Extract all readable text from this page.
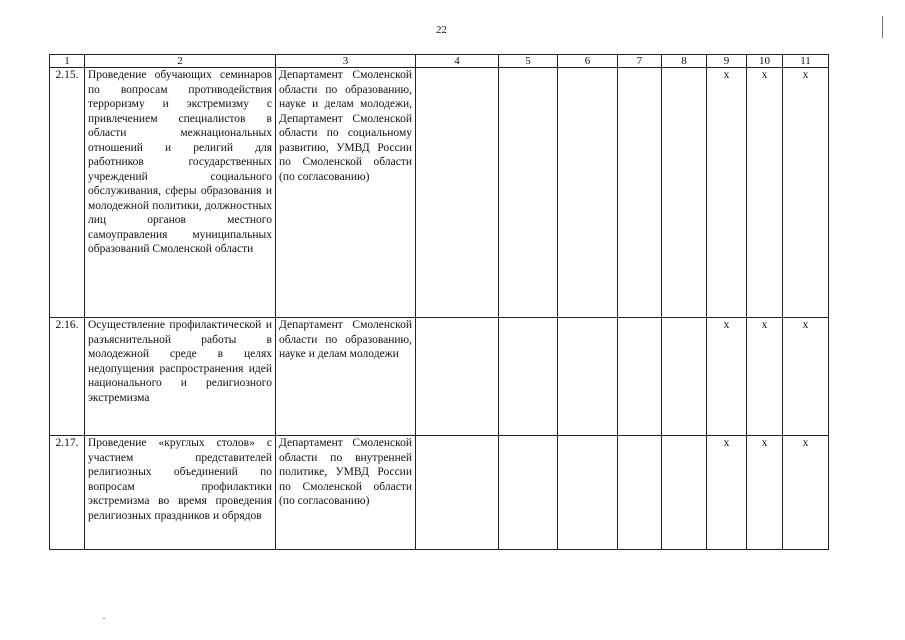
22
1	2	3	4	5	6	7	8	9	10	11
2.15.	Проведение обучающих семинаров по вопросам противодействия терроризму и экстремизму с привлечением специалистов в области межнациональных отношений и религий для работников государственных учреждений социального обслуживания, сферы образования и молодежной политики, должностных лиц органов местного самоуправления муниципальных образований Смоленской области	Департамент Смоленской области по образованию, науке и делам молодежи, Департамент Смоленской области по социальному развитию, УМВД России по Смоленской области (по согласованию)						х	х	х
2.16.	Осуществление профилактической и разъяснительной работы в молодежной среде в целях недопущения распространения идей национального и религиозного экстремизма	Департамент Смоленской области по образованию, науке и делам молодежи						х	х	х
2.17.	Проведение «круглых столов» с участием представителей религиозных объединений по вопросам профилактики экстремизма во время проведения религиозных праздников и обрядов	Департамент Смоленской области по внутренней политике, УМВД России по Смоленской области (по согласованию)						х	х	х
